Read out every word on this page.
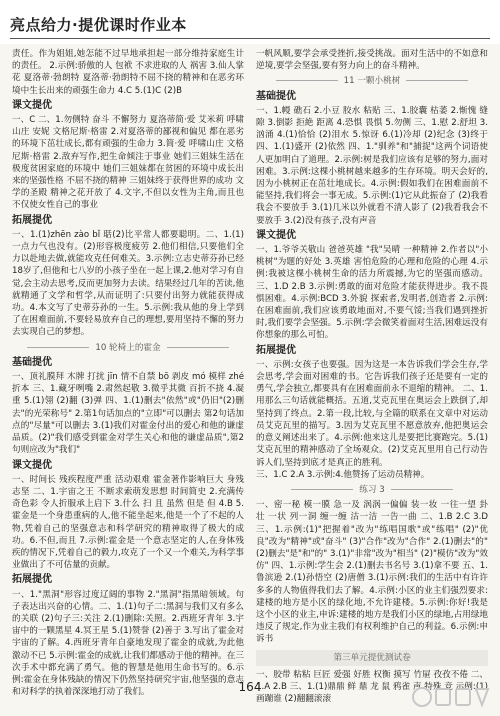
亮点给力·提优课时作业本

责任。作为姐姐,她怎能不过早地承担起一部分维持家庭生计的责任。 2.示例:骄傲的人 包袱 不求进取的人 祸害 3.仙人掌花 夏洛蒂·勃朗特 夏洛蒂·勃朗特不屈不挠的精神和在恶劣环境中生长出来的顽强生命力 4.C 5.(1)C (2)B

课文提优

一、C 二、1.勿侧特 奋斗 不懈努力 夏洛蒂简·爱 艾米莉 呼啸山庄 安妮 文格尼斯·格雷 2.对夏洛蒂的鄙视和偏见 都在恶劣的环境下茁壮成长,都有顽强的生命力 3.简·爱 呼啸山庄 文格尼斯·格雷 2.敌弃写作,把生命倾注于事业 她们三姐妹生活在极度贫困家庭的环境中 她们三姐妹都在贫困的环境中成长出来的坚强性格 不屈不挠的精神 三姐妹终于获得世界的成功 文学的圣殿 精神之花开放了 4.文字,不但以女性为主角,而且也不仅使女性自己的事业

拓展提优

一、1.(1)zhēn zào bǐ 聒(2)比平常人都要聪明。二、1.(1)一点力气也没有。(2)形容极度疲劳 2.他们相信,只要他们全力以赴地去做,就能攻克任何难关。3.示例:立志史蒂芬孙已经18岁了,但他和七八岁的小孩子坐在一起上课,2.他对学习有自觉,会主动去思考,反而更加努力去读。结果经过几年的苦读,他就精通了文学和哲学,从而证明了:只要付出努力就能获得成功。4.本文写了史蒂芬孙的一生。5.示例:我从他的身上学到了在困难面前,不要轻易放弃自己的理想,要用坚持不懈的努力去实现自己的梦想。

10 轮椅上的霍金
基础提优

一、顶礼膜拜 木牌 打扰 jīn 情不自禁 bō 剥皮 mó 模样 zhé 折本 三、1.藏牙咧嘴 2.肃然起敬 3.微乎其微 百折不挠 4.凝重 5.(1)翎 (2)翻 (3)弹 四、1.(1)删去"依然"或"仍旧"(2)删去"的光荣称号" 2.第1句话加点的"立即"可以删去 第2句话加点的"尽量"可以删去 3.(1)我们对霍金付出的爱心和他的谦虚品质。(2)"我们感受到霍金对学生关心和他的谦虚品质",第2句则应改为"我们"

课文提优

一、时间长 残疾程度严重 活动艰难 霍金著作影响巨大 身残志坚 二、1.宇宙之王 不断求索萌发思想 时间简史 2.充满传奇色彩 令人折服承上启下 3.什么 扫 且 虽然 但是 但 4.B 5.霍金是一个身患重病的人,他不能坐起来,他是一个了不起的人物,凭着自己的坚强意志和科学研究的精神取得了极大的成功。6.不但,而且 7.示例:霍金是一个意志坚定的人,在身体残疾的情况下,凭着自己的毅力,攻克了一个又一个难关,为科学事业做出了不可估量的贡献。

拓展提优

一、1."黑洞"形容过度辽阔的事物 2."黑洞"指黑暗领域。句子表达出兴奋的心情。二、1.(1)句子二:黑洞与我们又有多么的关联 (2)句子三:关注 2.(1)删除:关照。2.西班牙青年 3.宇宙中的一颗黑星 4.冥王星 5.(1)赞誉 (2)善于 3.写出了霍金对宇宙的了解。4.西班牙青年自豪地发现了霍金的成就,为此他激动不已 5.示例:霍金的成就,让我们都感动于他的精神。在三次手术中都充满了勇气。他的智慧是他用生命书写的。6.示例:霍金在身体残缺的情况下仍然坚持研究宇宙,他坚强的意志和对科学的执着深深地打动了我们。

一帆风顺,要学会承受挫折,接受挑战。面对生活中的不如意和逆境,要学会坚强,要有努力向上的奋斗精神。

11 一颗小桃树
基础提优

一、1.幔 礁石 2.小豆 胶水 粘贴 三、1.胶囊 枯萎 2.惭愧 缝隙 3.倒影 拒絶 距离 4.恐惧 畏惧 5.勿侧 三、1.慰 2.舒坦 3.汹涌 4.(1)恰恰 (2)泪水 5.惊讶 6.(1)冷却 (2)纪念 (3)终于 四、1.(1)盛开 (2)依然 四、1."驯养"和"捕捉"这两个词语使人更加明白了道理。2.示例:树是我们应该有足够的努力,面对困难。3.示例:这棵小桃树越来越多的生存环境。明天会好的,因为小桃树正在茁壮地成长。4.示例:假如我们在困难面前不能坚持,我们将会一事无成。5.示例:(1)它从此振奋了 (2)我看我会不要放手 3.(1)几米以外就看不清人影了 (2)我看我会不要放手 3.(2)没有孩子,没有声音

课文提优

一、1.爷爷关敬山 爸爸英雄 "我"吴晴 一种精神 2.作者以"小桃树"为题的好处 3.英雄 害怕危险的心理和危险的心理 4.示例:我被这棵小桃树生命的活力所震撼,为它的坚强而感动。三、1.D 2.B 3.示例:勇敢的面对危险才能获得进步。我不畏惧困难。4.示例:BCD 3.外貌 探索者,发明者,创造者 2.示例:在困难面前,我们应该勇敢地面对,不要气馁;当我们遇到挫折时,我们要学会坚强。5.示例:学会微笑着面对生活,困难远没有你想象的那么可怕。

拓展提优

一、示例:女孩子也要强。因为这是一本告诉我们学会生存,学会思考,学会面对困难的书。它告诉我们孩子还是要有一定的勇气,学会独立,都要具有在困难面前永不退缩的精神。 二、1.用那么三句话就能概括。五道,艾克瓦里在奥运会上跌倒了,却坚持到了终点。2.第一段,比较,与全篇的联系在文章中对运动员艾克瓦里的描写。3.因为艾克瓦里不愿意放弃,他把奥运会的意义阐述出来了。4.示例:他来这儿是要把比赛跑完。5.(1)艾克瓦里的精神感动了全场观众。(2)艾克瓦里用自己行动告诉人们,坚持到底才是真正的胜利。

三、1.C 2.A 3.示例:4.他赞扬了运动员精神。

练习 3

一、密一秘 模一膜 急一及 涡涡一偏偏 装一妆 一往一望 卦 壮 一状 列一洞 缠一缠 沽一洁 一告一曲 二、1.B 2.C 3.D 三、1.示例:(1)"把握着"改为"练唱国歌"或"练唱" (2)"优良"改为"精神"或"奋斗" (3)"合作"改为"合作" 2.(1)删去"的" (2)删去"是"和"的" 3.(1)"非常"改为"相当" (2)"模仿"改为"效仿" 四、1.示例:学生会 2.(1)删去书名号 3.(1)拿不要 五、1.鲁滨逊 2.(1)孙悟空 (2)唐僧 3.(1)示例:我们的生活中有许许多多的人物值得我们去了解。4.示例:小区的业主们强烈要求:建楼的地方是小区的绿化地,不允许建楼。5.示例:你好!我是这个小区的业主,申诉:建楼的地方是我们小区的绿地,占用绿地违反了规定,作为业主我们有权利维护自己的利益。6.示例:申诉书

第三单元提优测试卷

一、胶带 粘粘 巨匠 爱强 好胜 权衡 摸写 竹屉 孜孜不倦 二、1.A 2.B 三、1.(1)鼎鼎 鲜 鼎 龙 鼠 鸦雀 声 特殊 竞 示例:(1)画蹦谁 (2)翻翻滚滚

164
